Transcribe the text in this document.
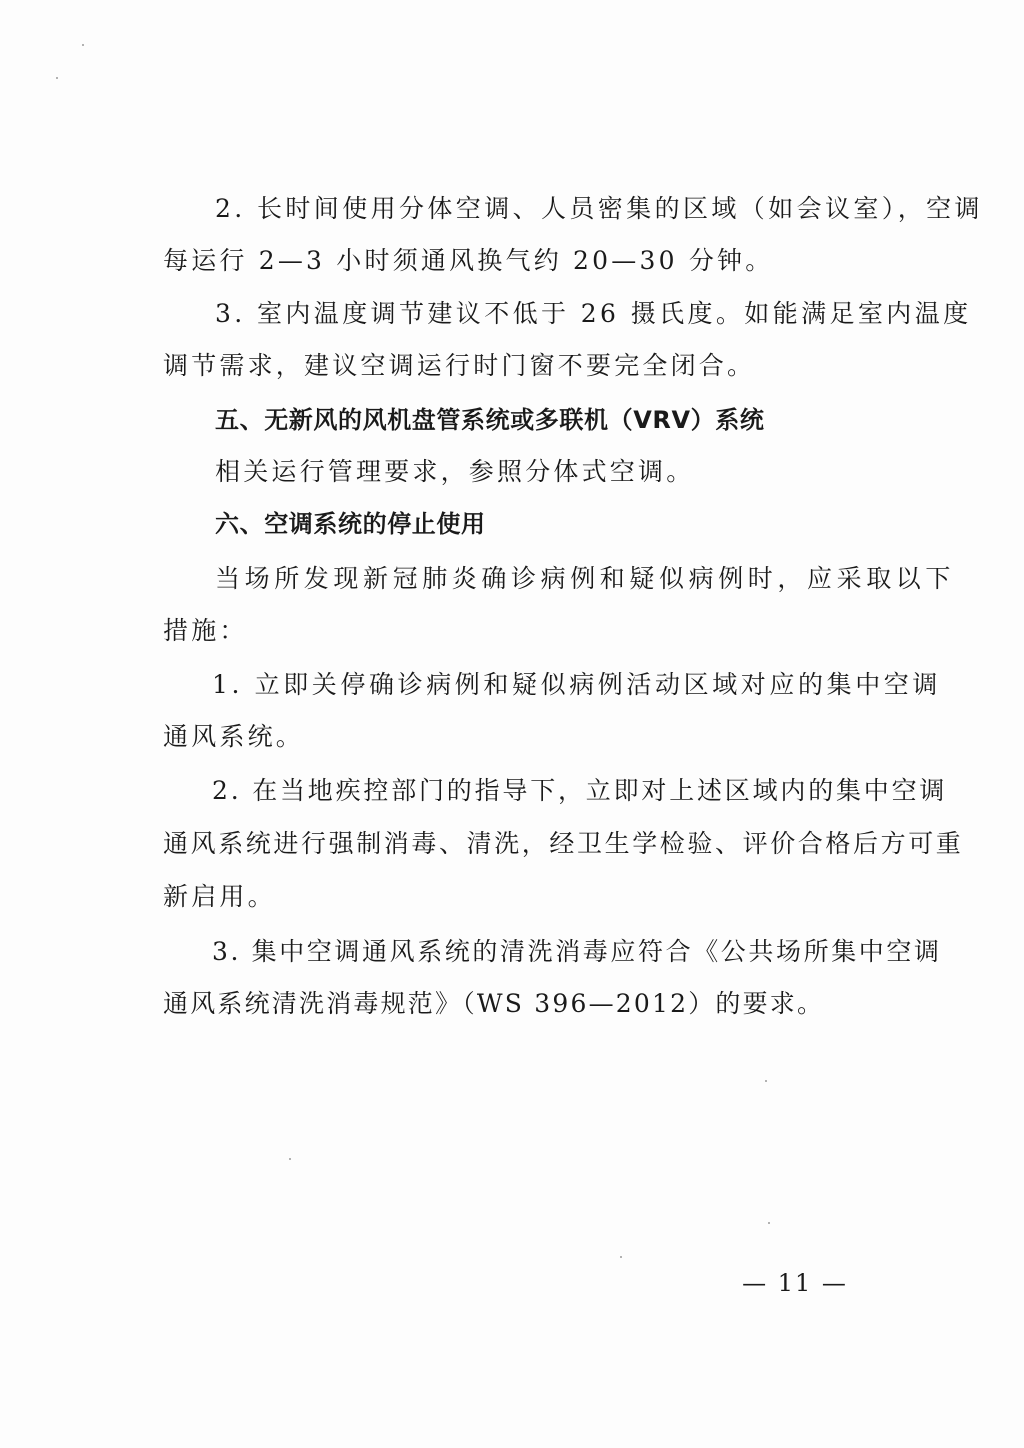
2. 长时间使用分体空调、人员密集的区域（如会议室），空调
每运行 2—3 小时须通风换气约 20—30 分钟。
3. 室内温度调节建议不低于 26 摄氏度。如能满足室内温度
调节需求，建议空调运行时门窗不要完全闭合。
五、无新风的风机盘管系统或多联机（VRV）系统
相关运行管理要求，参照分体式空调。
六、空调系统的停止使用
当场所发现新冠肺炎确诊病例和疑似病例时，应采取以下
措施：
1. 立即关停确诊病例和疑似病例活动区域对应的集中空调
通风系统。
2. 在当地疾控部门的指导下，立即对上述区域内的集中空调
通风系统进行强制消毒、清洗，经卫生学检验、评价合格后方可重
新启用。
3. 集中空调通风系统的清洗消毒应符合《公共场所集中空调
通风系统清洗消毒规范》（WS 396—2012）的要求。
— 11 —
